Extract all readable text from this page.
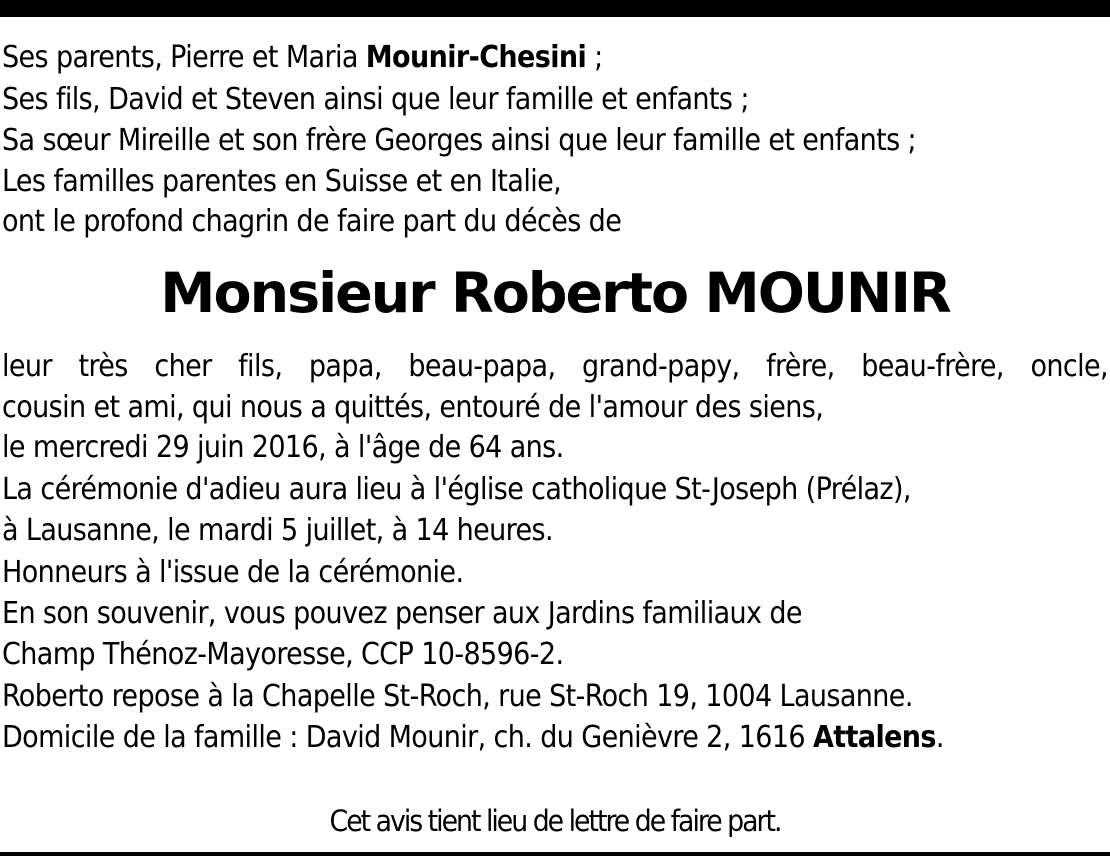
Ses parents, Pierre et Maria Mounir-Chesini ;
Ses fils, David et Steven ainsi que leur famille et enfants ;
Sa sœur Mireille et son frère Georges ainsi que leur famille et enfants ;
Les familles parentes en Suisse et en Italie,
ont le profond chagrin de faire part du décès de
Monsieur Roberto MOUNIR
leur très cher fils, papa, beau-papa, grand-papy, frère, beau-frère, oncle,
cousin et ami, qui nous a quittés, entouré de l'amour des siens,
le mercredi 29 juin 2016, à l'âge de 64 ans.
La cérémonie d'adieu aura lieu à l'église catholique St-Joseph (Prélaz),
à Lausanne, le mardi 5 juillet, à 14 heures.
Honneurs à l'issue de la cérémonie.
En son souvenir, vous pouvez penser aux Jardins familiaux de
Champ Thénoz-Mayoresse, CCP 10-8596-2.
Roberto repose à la Chapelle St-Roch, rue St-Roch 19, 1004 Lausanne.
Domicile de la famille : David Mounir, ch. du Genièvre 2, 1616 Attalens.
Cet avis tient lieu de lettre de faire part.
